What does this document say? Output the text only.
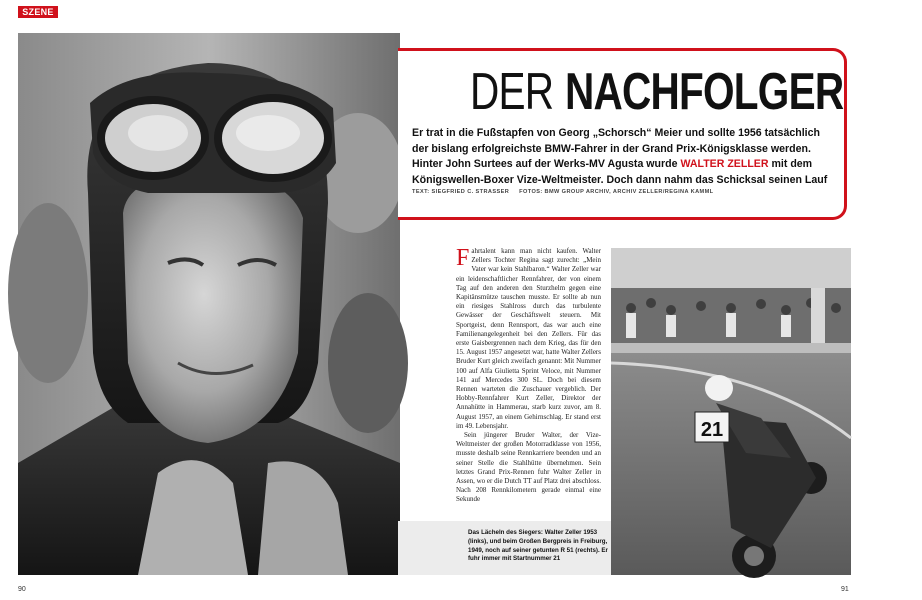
SZENE
DER NACHFOLGER
Er trat in die Fußstapfen von Georg „Schorsch“ Meier und sollte 1956 tatsächlich der bislang erfolgreichste BMW-Fahrer in der Grand Prix-Königsklasse werden. Hinter John Surtees auf der Werks-MV Agusta wurde WALTER ZELLER mit dem Königswellen-Boxer Vize-Weltmeister. Doch dann nahm das Schicksal seinen Lauf
TEXT: SIEGFRIED C. STRASSER FOTOS: BMW GROUP ARCHIV, ARCHIV ZELLER/REGINA KAMML

Fahrtalent kann man nicht kaufen. Walter Zellers Tochter Regina sagt zurecht: „Mein Vater war kein Stahlbaron.“ Walter Zeller war ein leidenschaftlicher Rennfahrer, der von einem Tag auf den anderen den Sturzhelm gegen eine Kapitänsmütze tauschen musste. Er sollte ab nun ein riesiges Stahlross durch das turbulente Gewässer der Geschäftswelt steuern. Mit Sportgeist, denn Rennsport, das war auch eine Familienangelegenheit bei den Zellers. Für das erste Gaisbergrennen nach dem Krieg, das für den 15. August 1957 angesetzt war, hatte Walter Zellers Bruder Kurt gleich zweifach genannt: Mit Nummer 100 auf Alfa Giulietta Sprint Veloce, mit Nummer 141 auf Mercedes 300 SL. Doch bei diesem Rennen warteten die Zuschauer vergeblich. Der Hobby-Rennfahrer Kurt Zeller, Direktor der Annahütte in Hammerau, starb kurz zuvor, am 8. August 1957, an einem Gehirnschlag. Er stand erst im 49. Lebensjahr.

Sein jüngerer Bruder Walter, der Vize-Weltmeister der großen Motorradklasse von 1956, musste deshalb seine Rennkarriere beenden und an seiner Stelle die Stahlhütte übernehmen. Sein letztes Grand Prix-Rennen fuhr Walter Zeller in Assen, wo er die Dutch TT auf Platz drei abschloss. Nach 208 Rennkilometern gerade einmal eine Sekunde

21
Das Lächeln des Siegers: Walter Zeller 1953 (links), und beim Großen Bergpreis in Freiburg, 1949, noch auf seiner getunten R 51 (rechts). Er fuhr immer mit Startnummer 21
90	91
